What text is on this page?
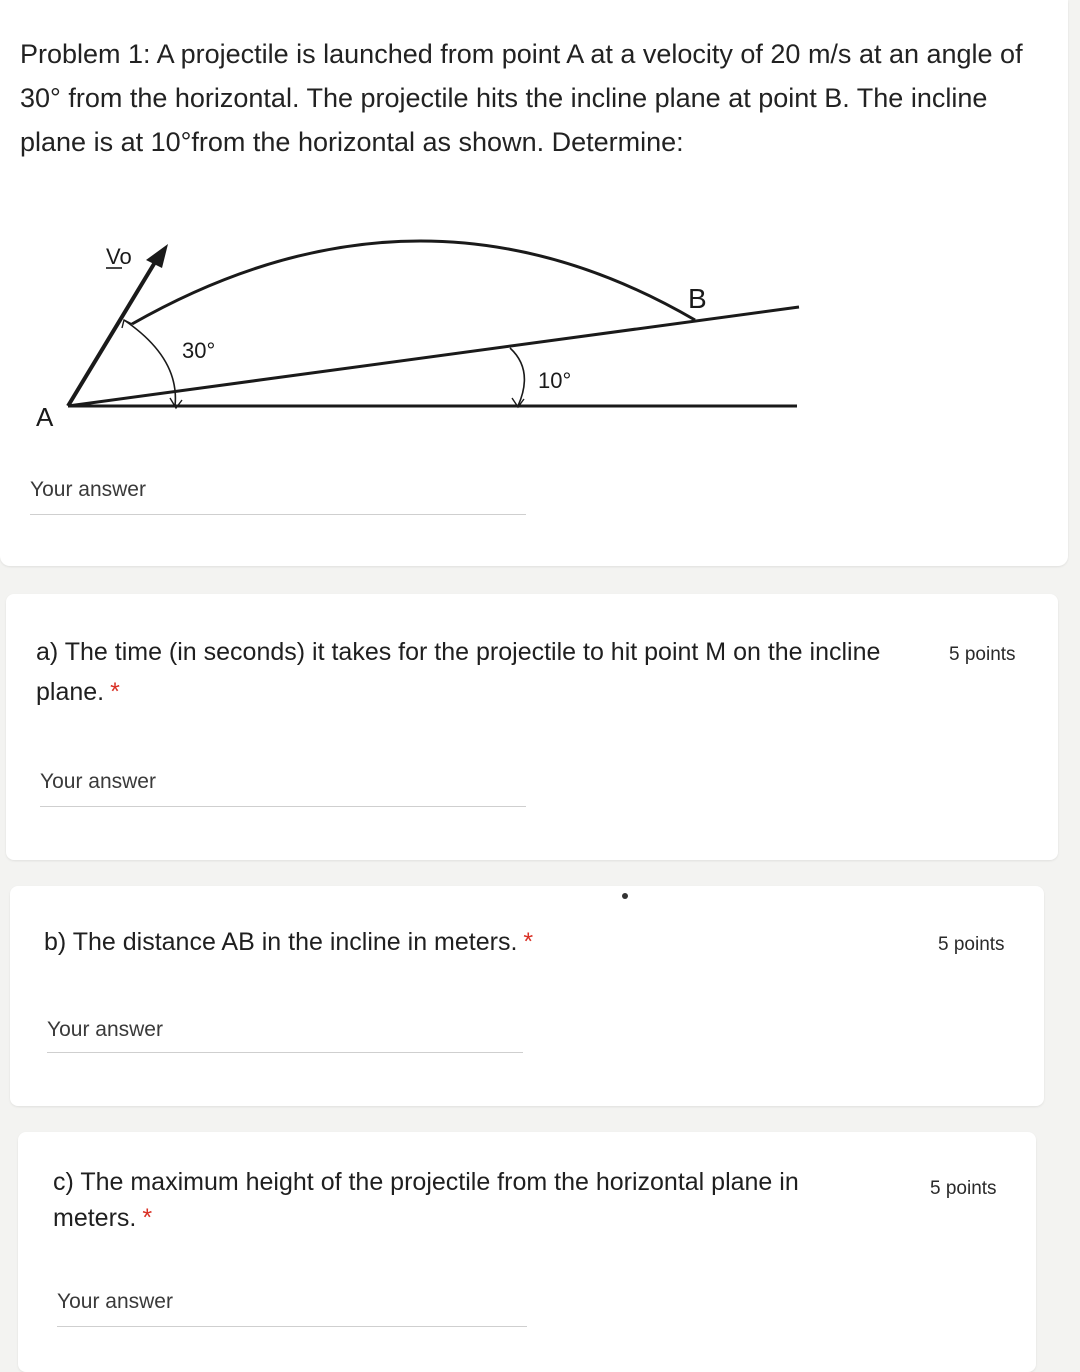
Problem 1: A projectile is launched from point A at a velocity of 20 m/s at an angle of 30° from the horizontal. The projectile hits the incline plane at point B. The incline plane is at 10°from the horizontal as shown. Determine:
Vo
30°
10°
A
B
Your answer
a) The time (in seconds) it takes for the projectile to hit point M on the incline plane. *
5 points
Your answer
b) The distance AB in the incline in meters. *	5 points
Your answer
c) The maximum height of the projectile from the horizontal plane in meters. *
5 points
Your answer
